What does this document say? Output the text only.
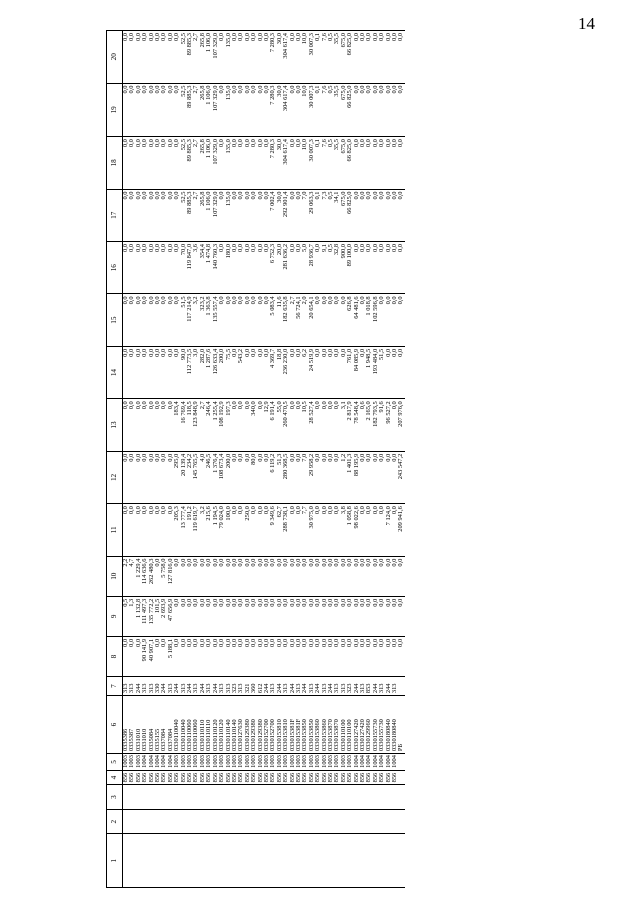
14
1	2	3	4	5	6	7	8	9	10	11	12	13	14	15	16	17	18	19	20
			856	1003	0335386	313	0,0	0,5	2,2	0,0	0,0	0,0	0,0	0,0	0,0	0,0	0,0	0,0	0,0
			856	1003	0335387	313	0,0	1,3	4,7	0,0	0,0	0,0	0,0	0,0	0,0	0,0	0,0	0,0	0,0
			856	1003	0331010	244	0,0	1 132,8	1 229,4	0,0	0,0	0,0	0,0	0,0	0,0	0,0	0,0	0,0	0,0
			856	1004	0331010	313	90 141,9	111 497,3	114 636,6	0,0	0,0	0,0	0,0	0,0	0,0	0,0	0,0	0,0	0,0
			856	1004	0335084	313	40 907,1	135 772,2	262 480,3	0,0	0,0	0,0	0,0	0,0	0,0	0,0	0,0	0,0	0,0
			856	1004	0335155	330	0,0	101,5	0,0	0,0	0,0	0,0	0,0	0,0	0,0	0,0	0,0	0,0	0,0
			856	1004	0337084	244	0,0	2 693,9	5 758,0	0,0	0,0	0,0	0,0	0,0	0,0	0,0	0,0	0,0	0,0
			856	1004	0337084	313	5 188,1	47 656,9	127 816,0	0,0	0,0	0,0	0,0	0,0	0,0	0,0	0,0	0,0	0,0
			856	1003	0330110040	244	0,0	0,0	0,0	205,3	295,0	183,4	0,0	0,0	0,0	0,0	0,0	0,0	0,0
			856	1003	0330110040	313	0,0	0,0	0,0	13 777,4	20 139,4	16 769,4	90,0	51,5	70,0	52,5	52,5	52,5	52,5
			856	1003	0330110060	244	0,0	0,0	0,0	191,2	234,2	118,5	112 773,5	117 214,9	119 847,0	89 885,3	89 885,3	89 885,3	89 885,3
			856	1003	0330110060	313	0,0	0,0	0,0	119 619,7	145 765,5	123 848,9	3,0	3,2	3,6	2,7	2,7	2,7	2,7
			856	1003	0330110110	244	0,0	0,0	0,0	3,2	4,0	2,7	282,0	323,2	354,4	265,8	265,8	265,8	265,8
			856	1003	0330110110	313	0,0	0,0	0,0	215,6	246,5	246,4	1 287,6	1 363,8	1 474,8	1 106,0	1 106,0	1 106,0	1 106,0
			856	1003	0330110120	244	0,0	0,0	0,0	1 194,5	1 376,4	1 255,4	126 633,4	135 557,4	140 760,3	107 329,0	107 329,0	107 329,0	107 329,0
			856	1003	0330110120	313	0,0	0,0	0,0	79 024,0	108 673,4	108 192,9	200,0	0,0	0,0	0,0	0,0	0,0	0,0
			856	1003	0330110140	313	0,0	0,0	0,0	100,0	200,0	197,3	75,5	0,0	180,0	135,0	135,0	135,0	135,0
			856	1003	0330110140	323	0,0	0,0	0,0	0,0	0,0	0,0	0,0	0,0	0,0	0,0	0,0	0,0	0,0
			856	1003	0330127630	313	0,0	0,0	0,0	0,0	0,0	0,0	543,2	0,0	0,0	0,0	0,0	0,0	0,0
			856	1003	0330129380	321	0,0	0,0	0,0	250,0	0,0	0,0	0,0	0,0	0,0	0,0	0,0	0,0	0,0
			856	1003	0330129380	360	0,0	0,0	0,0	0,0	80,0	340,0	0,0	0,0	0,0	0,0	0,0	0,0	0,0
			856	1003	0330129380	612	0,0	0,0	0,0	0,0	0,0	0,0	0,0	0,0	0,0	0,0	0,0	0,0	0,0
			856	1003	0330152700	244	0,0	0,0	0,0	0,0	0,0	12,9	0,0	0,0	0,0	0,0	0,0	0,0	0,0
			856	1003	0330152700	313	0,0	0,0	0,0	9 349,6	6 119,2	6 191,4	4 369,7	5 083,4	6 752,3	7 002,4	7 280,3	7 280,3	7 280,3
			856	1003	0330153810	244	0,0	0,0	0,0	62,7	51,3	55,0	18,8	11,6	20,0	30,0	30,0	30,0	30,0
			856	1003	0330153810	313	0,0	0,0	0,0	288 738,1	280 368,5	260 470,5	236 230,0	182 635,8	281 636,2	292 901,4	304 617,4	304 617,4	304 617,4
			856	1003	033015381F	244	0,0	0,0	0,0	0,0	0,0	0,0	0,0	2,7	0,0	0,0	0,0	0,0	0,0
			856	1003	033015381F	313	0,0	0,0	0,0	0,0	0,0	0,0	0,0	56 724,1	0,0	0,0	0,0	0,0	0,0
			856	1003	0330153850	244	0,0	0,0	0,0	7,7	7,0	10,5	6,2	2,0	5,0	7,0	10,0	10,0	10,0
			856	1003	0330153850	313	0,0	0,0	0,0	30 975,0	29 958,2	28 527,4	24 519,9	20 654,1	28 936,7	29 063,3	30 007,3	30 007,3	30 007,3
			856	1003	0330153860	244	0,0	0,0	0,0	0,0	0,0	0,0	0,0	0,0	0,0	0,1	0,1	0,1	0,1
			856	1003	0330153860	313	0,0	0,0	0,0	0,0	0,0	0,0	0,0	0,0	9,1	7,3	7,6	7,6	7,6
			856	1003	0330153870	244	0,0	0,0	0,0	0,0	0,0	0,0	0,0	0,0	0,5	0,5	0,5	0,5	0,5
			856	1003	0330153870	313	0,0	0,0	0,0	0,0	0,0	0,0	0,0	0,0	32,8	34,1	35,5	35,5	35,5
			856	1003	0330110100	313	0,0	0,0	0,0	3,8	1,2	3,1	0,0	0,0	900,0	675,0	675,0	675,0	675,0
			856	1003	0330110100	323	0,0	0,0	0,0	1 058,8	1 401,3	2 817,9	761,0	626,8	89 100,0	66 825,0	66 825,0	66 825,0	66 825,0
			856	1004	0330127420	244	0,0	0,0	0,0	98 022,6	88 195,9	78 548,4	84 085,9	64 481,6	0,0	0,0	0,0	0,0	0,0
			856	1004	0330127420	313	0,0	0,0	0,0	0,0	0,0	0,6	0,0	0,0	0,0	0,0	0,0	0,0	0,0
			856	1004	0330129960	853	0,0	0,0	0,0	0,0	0,0	2 165,0	1 948,5	1 018,8	0,0	0,0	0,0	0,0	0,0
			856	1004	0330155730	244	0,0	0,0	0,0	0,0	0,0	182 793,5	193 484,0	102 596,8	0,0	0,0	0,0	0,0	0,0
			856	1004	0330155730	313	0,0	0,0	0,0	0,0	0,0	91,6	51,5	0,0	0,0	0,0	0,0	0,0	0,0
			856	1004	0330180840	244	0,0	0,0	0,0	7 124,0	0,0	96 527,2	0,0	0,0	0,0	0,0	0,0	0,0	0,0
			856	1004	0330180840	313	0,0	0,0	0,0	0,0	0,0	0,0	0,0	0,0	0,0	0,0	0,0	0,0	0,0
					РБ		0,0	0,0	0,0	209 941,6	243 547,2	207 976,0	0,0	0,0	0,0	0,0	0,0	0,0	0,0
